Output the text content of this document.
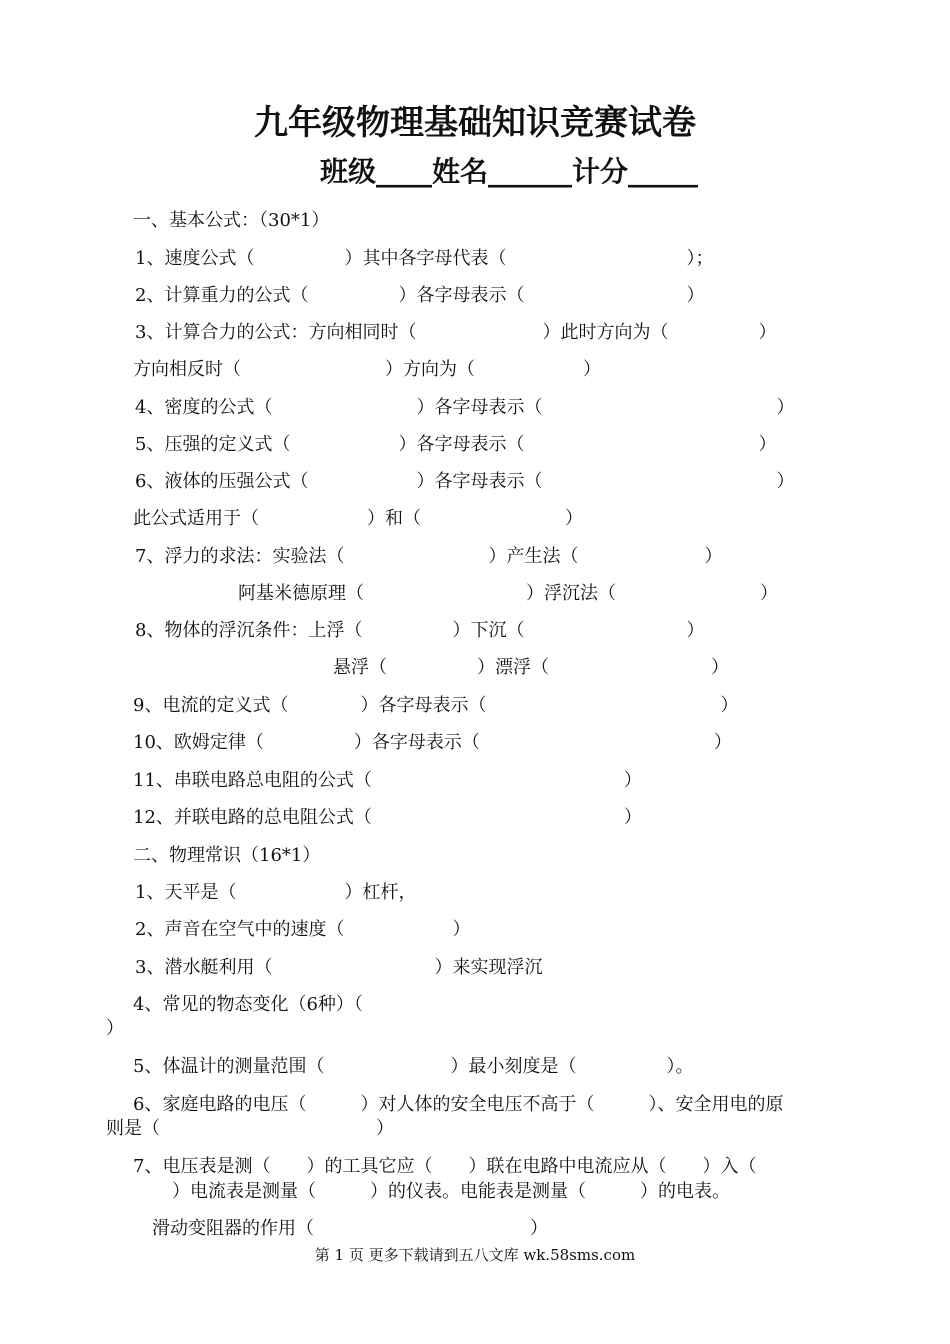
九年级物理基础知识竞赛试卷
班级____姓名______计分_____
一、基本公式：（30*1）
1、速度公式（　　　　　）其中各字母代表（　　　　　　　　　　）；
2、计算重力的公式（　　　　　）各字母表示（　　　　　　　　　）
3、计算合力的公式：方向相同时（　　　　　　　）此时方向为（　　　　　）
方向相反时（　　　　　　　　）方向为（　　　　　　）
4、密度的公式（　　　　　　　　）各字母表示（　　　　　　　　　　　　　）
5、压强的定义式（　　　　　　）各字母表示（　　　　　　　　　　　　　）
6、液体的压强公式（　　　　　　）各字母表示（　　　　　　　　　　　　　）
此公式适用于（　　　　　　）和（　　　　　　　　）
7、浮力的求法：实验法（　　　　　　　　）产生法（　　　　　　　）
阿基米德原理（　　　　　　　　　）浮沉法（　　　　　　　　）
8、物体的浮沉条件：上浮（　　　　　）下沉（　　　　　　　　　）
悬浮（　　　　　）漂浮（　　　　　　　　　）
9、电流的定义式（　　　　）各字母表示（　　　　　　　　　　　　　）
10、欧姆定律（　　　　　）各字母表示（　　　　　　　　　　　　　）
11、串联电路总电阻的公式（　　　　　　　　　　　　　　）
12、并联电路的总电阻公式（　　　　　　　　　　　　　　）
二、物理常识（16*1）
1、天平是（　　　　　　）杠杆，
2、声音在空气中的速度（　　　　　　）
3、潜水艇利用（　　　　　　　　　）来实现浮沉
4、常见的物态变化（6种）（
）
5、体温计的测量范围（　　　　　　　）最小刻度是（　　　　　）。
6、家庭电路的电压（　　　）对人体的安全电压不高于（　　　）、安全用电的原
则是（　　　　　　　　　　　　）
7、电压表是测（　　）的工具它应（　　）联在电路中电流应从（　　）入（
）电流表是测量（　　　）的仪表。电能表是测量（　　　）的电表。
滑动变阻器的作用（　　　　　　　　　　　　）
第 1 页 更多下载请到五八文库 wk.58sms.com
